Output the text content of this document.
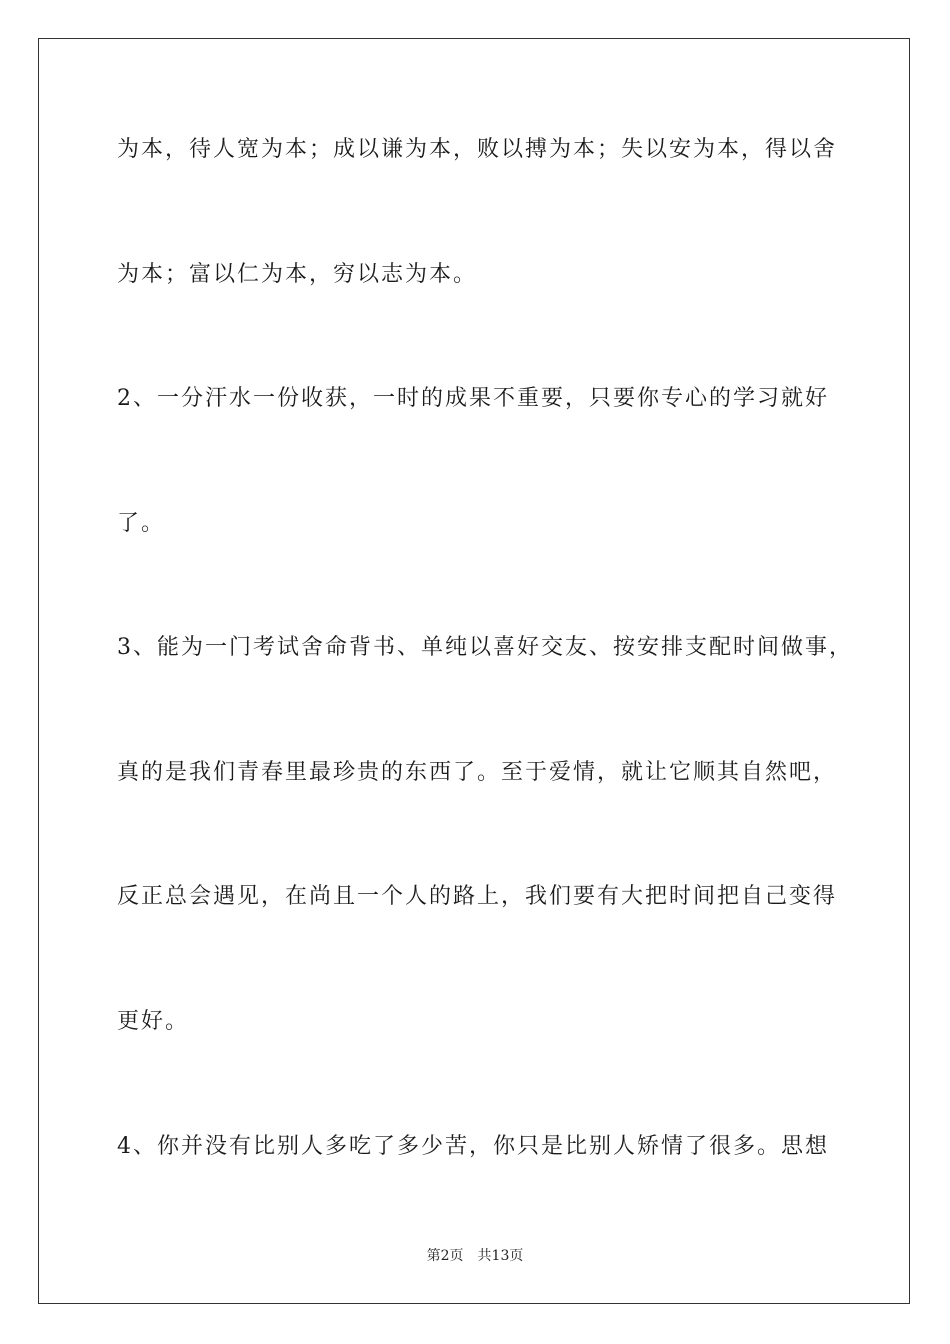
为本，待人宽为本；成以谦为本，败以搏为本；失以安为本，得以舍
为本；富以仁为本，穷以志为本。
2、一分汗水一份收获，一时的成果不重要，只要你专心的学习就好
了。
3、能为一门考试舍命背书、单纯以喜好交友、按安排支配时间做事，
真的是我们青春里最珍贵的东西了。至于爱情，就让它顺其自然吧，
反正总会遇见，在尚且一个人的路上，我们要有大把时间把自己变得
更好。
4、你并没有比别人多吃了多少苦，你只是比别人矫情了很多。思想
第2页 共13页
